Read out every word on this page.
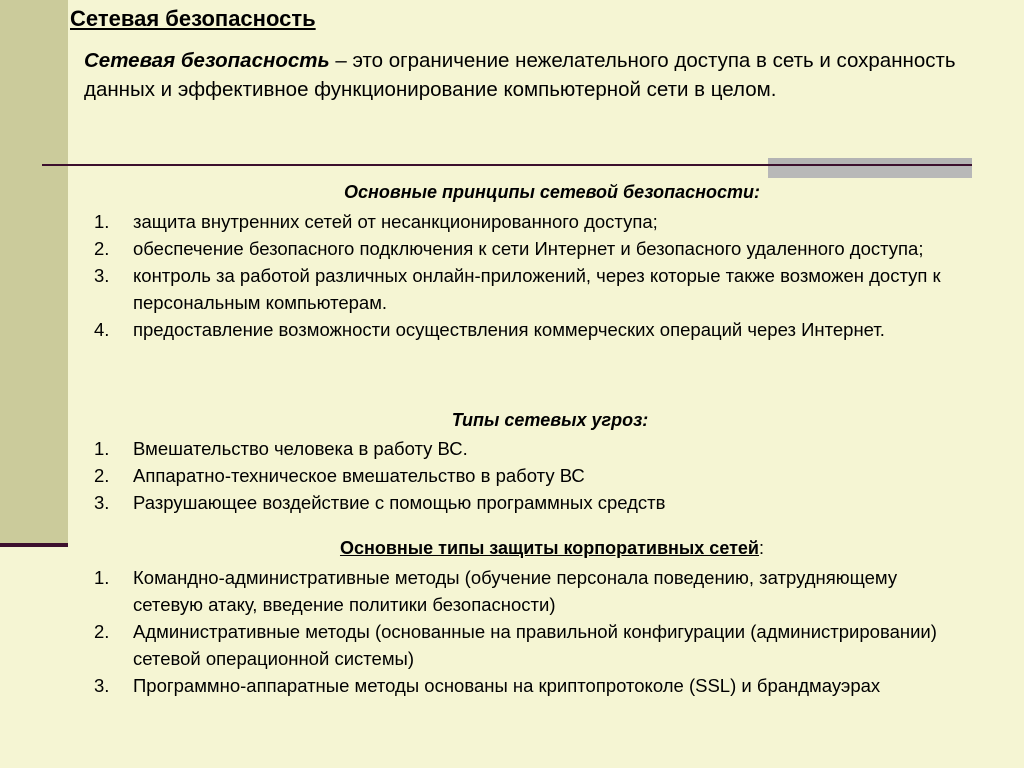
Сетевая безопасность

Сетевая безопасность – это ограничение нежелательного доступа в сеть и сохранность данных и эффективное функционирование компьютерной сети в целом.

Основные принципы сетевой безопасности:
1. защита внутренних сетей от несанкционированного доступа;
2. обеспечение безопасного подключения к сети Интернет и безопасного удаленного доступа;
3. контроль за работой различных онлайн-приложений, через которые также возможен доступ к персональным компьютерам.
4. предоставление возможности осуществления коммерческих операций через Интернет.
Типы сетевых угроз:
1. Вмешательство человека в работу ВС.
2. Аппаратно-техническое вмешательство в работу ВС
3. Разрушающее воздействие с помощью программных средств
Основные типы защиты корпоративных сетей:
1. Командно-административные методы (обучение персонала поведению, затрудняющему сетевую атаку, введение политики безопасности)
2. Административные методы (основанные на правильной конфигурации (администрировании) сетевой операционной системы)
3. Программно-аппаратные методы основаны на криптопротоколе (SSL) и брандмауэрах
